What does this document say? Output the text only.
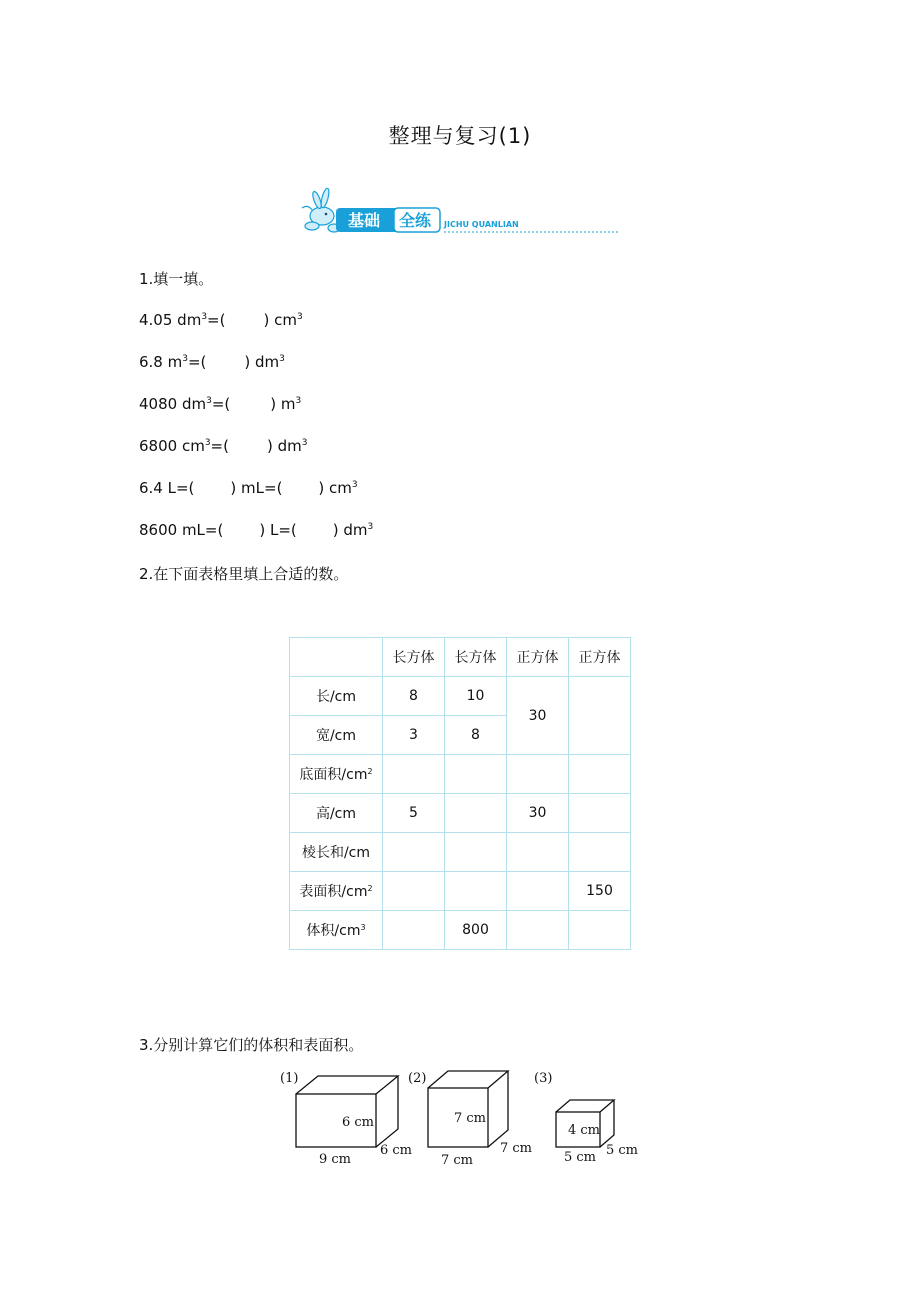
整理与复习(1)
基础 全练 JICHU QUANLIAN
1.填一填。
4.05 $dm^3=$(	) $cm^3$
6.8 $m^3=$(	) $dm^3$
4080 $dm^3=$(	) $m^3$
6800 $cm^3=$(	) $dm^3$
6.4 L=( ) mL=( ) $cm^3$
8600 mL=( ) L=( ) $dm^3$
2.在下面表格里填上合适的数。
	长方体	长方体	正方体	正方体
长/cm	8	10	30	
宽/cm	3	8		
底面积$/cm^2$				
高/cm	5		30	
棱长和/cm				
表面积$/cm^2$				150
体积$/cm^3$		800		
3.分别计算它们的体积和表面积。
(1)
6 cm
6 cm
9 cm
(2)
7 cm
7 cm
7 cm
(3)
4 cm
5 cm
5 cm
